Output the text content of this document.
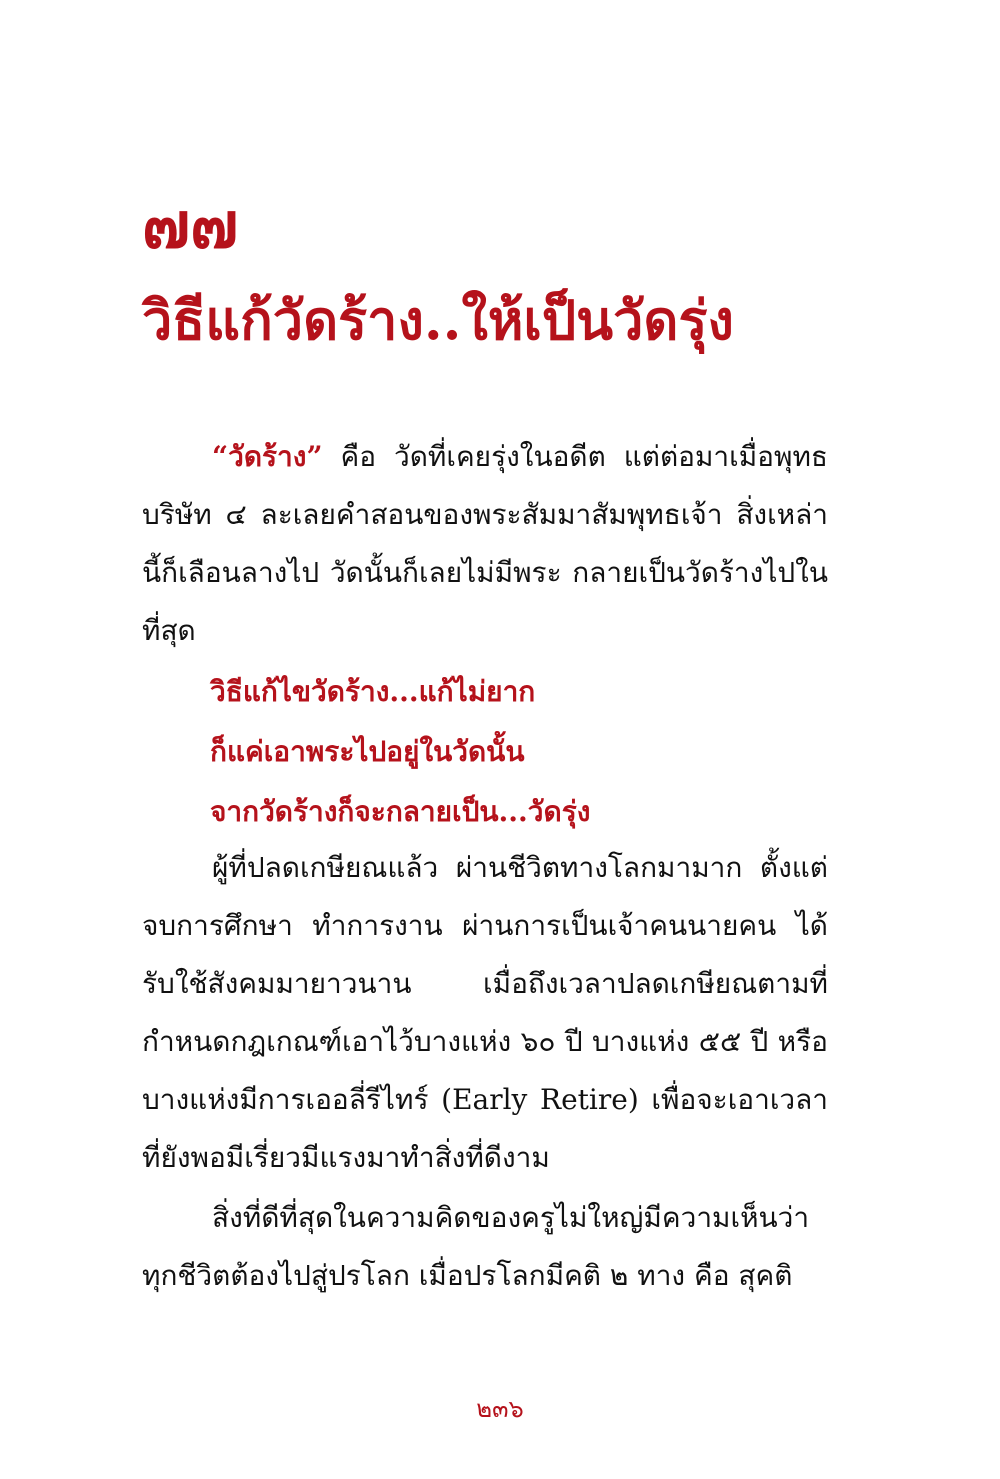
๗๗
วิธีแก้วัดร้าง..ให้เป็นวัดรุ่ง
“วัดร้าง” คือ วัดที่เคยรุ่งในอดีต แต่ต่อมาเมื่อพุทธบริษัท ๔ ละเลยคำสอนของพระสัมมาสัมพุทธเจ้า สิ่งเหล่านี้ก็เลือนลางไป วัดนั้นก็เลยไม่มีพระ กลายเป็นวัดร้างไปในที่สุด
วิธีแก้ไขวัดร้าง...แก้ไม่ยาก
ก็แค่เอาพระไปอยู่ในวัดนั้น
จากวัดร้างก็จะกลายเป็น...วัดรุ่ง
ผู้ที่ปลดเกษียณแล้ว ผ่านชีวิตทางโลกมามาก ตั้งแต่จบการศึกษา ทำการงาน ผ่านการเป็นเจ้าคนนายคน ได้รับใช้สังคมมายาวนาน เมื่อถึงเวลาปลดเกษียณตามที่กำหนดกฎเกณฑ์เอาไว้บางแห่ง ๖๐ ปี บางแห่ง ๕๕ ปี หรือบางแห่งมีการเออลี่รีไทร์ (Early Retire) เพื่อจะเอาเวลาที่ยังพอมีเรี่ยวมีแรงมาทำสิ่งที่ดีงาม
สิ่งที่ดีที่สุดในความคิดของครูไม่ใหญ่มีความเห็นว่าทุกชีวิตต้องไปสู่ปรโลก เมื่อปรโลกมีคติ ๒ ทาง คือ สุคติ
๒๓๖
